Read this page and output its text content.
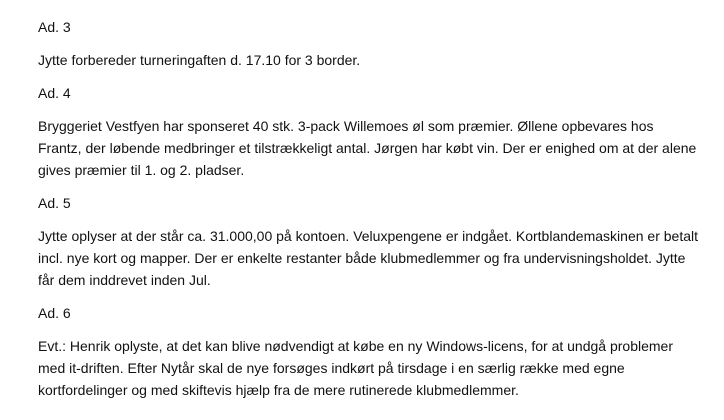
Ad. 3

Jytte forbereder turneringaften d. 17.10 for 3 border.

Ad. 4

Bryggeriet Vestfyen har sponseret 40 stk. 3-pack Willemoes øl som præmier. Øllene opbevares hos Frantz, der løbende medbringer et tilstrækkeligt antal. Jørgen har købt vin. Der er enighed om at der alene gives præmier til 1. og 2. pladser.

Ad. 5

Jytte oplyser at der står ca. 31.000,00 på kontoen. Veluxpengene er indgået. Kortblandemaskinen er betalt incl. nye kort og mapper. Der er enkelte restanter både klubmedlemmer og fra undervisningsholdet. Jytte får dem inddrevet inden Jul.

Ad. 6

Evt.: Henrik oplyste, at det kan blive nødvendigt at købe en ny Windows-licens, for at undgå problemer med it-driften. Efter Nytår skal de nye forsøges indkørt på tirsdage i en særlig række med egne kortfordelinger og med skiftevis hjælp fra de mere rutinerede klubmedlemmer.
